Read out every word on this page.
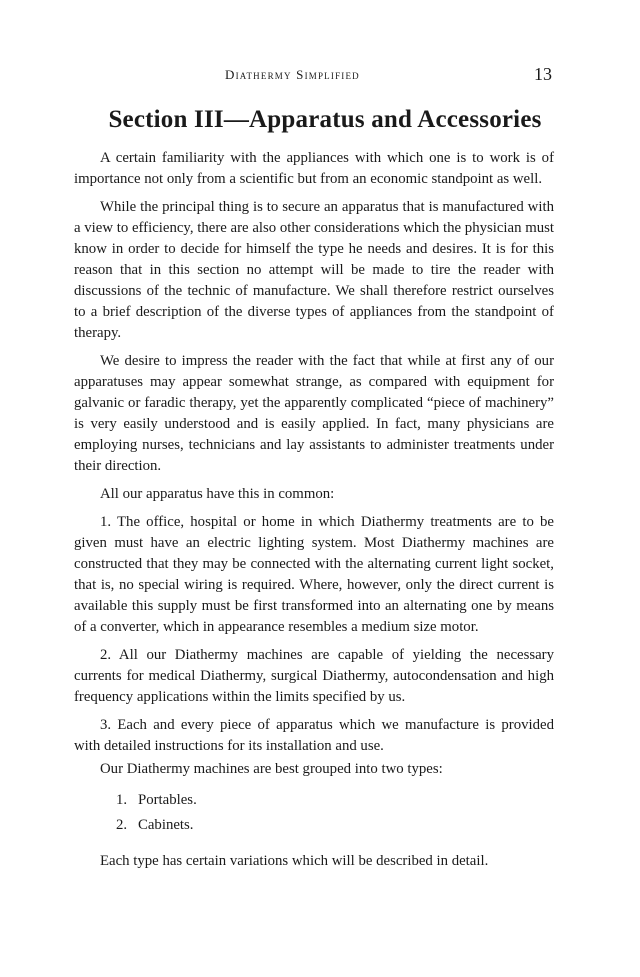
Diathermy Simplified	13
Section III—Apparatus and Accessories

A certain familiarity with the appliances with which one is to work is of importance not only from a scientific but from an economic standpoint as well.

While the principal thing is to secure an apparatus that is manufactured with a view to efficiency, there are also other considerations which the physician must know in order to decide for himself the type he needs and desires. It is for this reason that in this section no attempt will be made to tire the reader with discussions of the technic of manufacture. We shall therefore restrict ourselves to a brief description of the diverse types of appliances from the standpoint of therapy.

We desire to impress the reader with the fact that while at first any of our apparatuses may appear somewhat strange, as compared with equipment for galvanic or faradic therapy, yet the apparently complicated “piece of machinery” is very easily understood and is easily applied. In fact, many physicians are employing nurses, technicians and lay assistants to administer treatments under their direction.

All our apparatus have this in common:

1. The office, hospital or home in which Diathermy treatments are to be given must have an electric lighting system. Most Diathermy machines are constructed that they may be connected with the alternating current light socket, that is, no special wiring is required. Where, however, only the direct current is available this supply must be first transformed into an alternating one by means of a converter, which in appearance resembles a medium size motor.

2. All our Diathermy machines are capable of yielding the necessary currents for medical Diathermy, surgical Diathermy, autocondensation and high frequency applications within the limits specified by us.

3. Each and every piece of apparatus which we manufacture is provided with detailed instructions for its installation and use.

Our Diathermy machines are best grouped into two types:

1. Portables.
2. Cabinets.

Each type has certain variations which will be described in detail.
